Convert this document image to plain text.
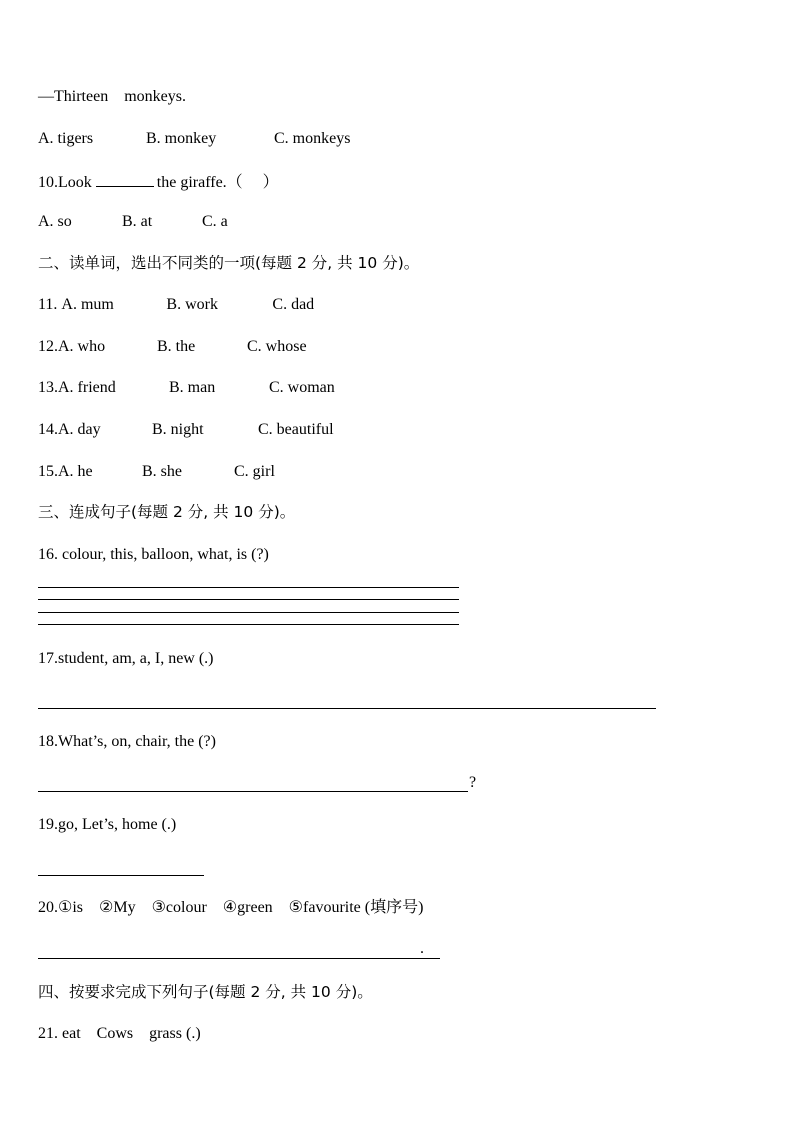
—Thirteen　monkeys.
A. tigers	B. monkey	C. monkeys
10.Look	the giraffe.（　 ）
A. so	B. at	C. a
二、读单词，选出不同类的一项(每题 2 分, 共 10 分)。
11. A. mum	B. work	C. dad
12.A. who	B. the	C. whose
13.A. friend	B. man	C. woman
14.A. day	B. night	C. beautiful
15.A. he	B. she	C. girl
三、连成句子(每题 2 分, 共 10 分)。
16. colour, this, balloon, what, is (?)
17.student, am, a, I, new (.)
18.What’s, on, chair, the (?)
?
19.go, Let’s, home (.)
20.①is　②My　③colour　④green　⑤favourite (填序号)
.
四、按要求完成下列句子(每题 2 分, 共 10 分)。
21. eat　Cows　grass (.)
